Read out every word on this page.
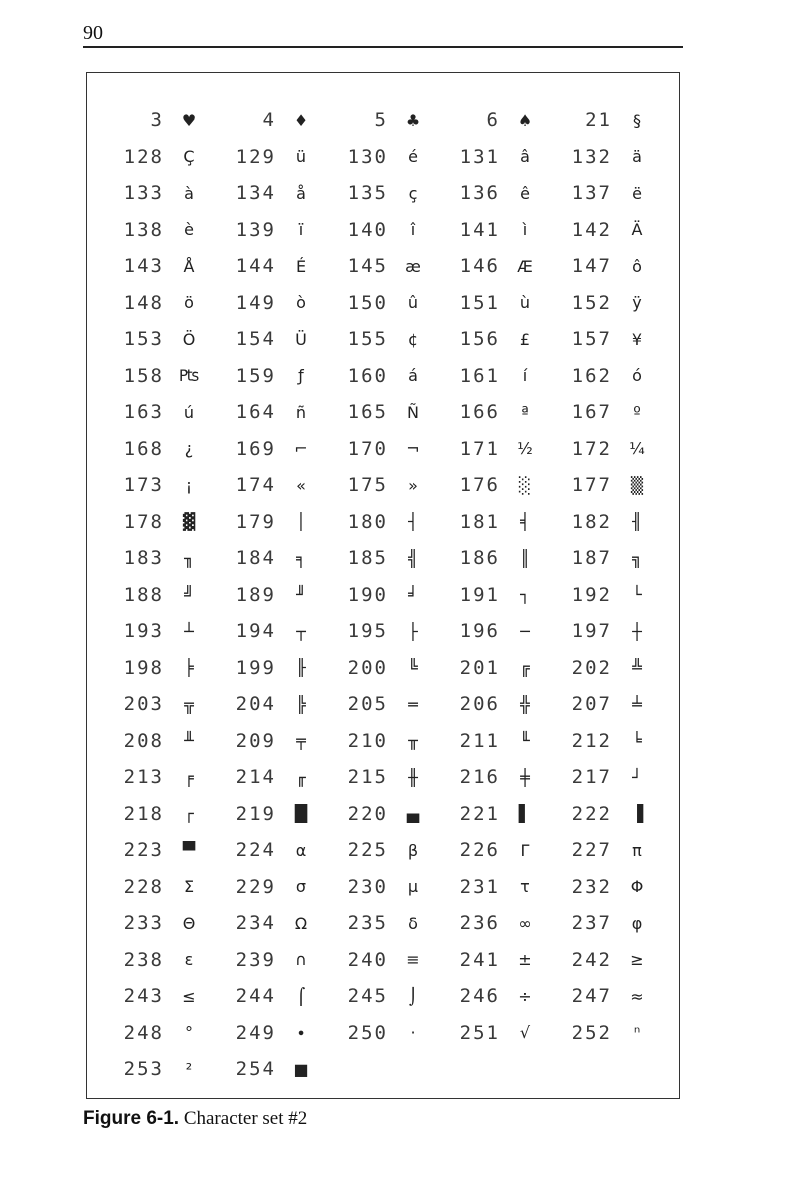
90
3	♥	4	♦	5	♣	6	♠	21	§
128	Ç	129	ü	130	é	131	â	132	ä
133	à	134	å	135	ç	136	ê	137	ë
138	è	139	ï	140	î	141	ì	142	Ä
143	Å	144	É	145	æ	146	Æ	147	ô
148	ö	149	ò	150	û	151	ù	152	ÿ
153	Ö	154	Ü	155	¢	156	£	157	¥
158 ₧	159	ƒ	160	á	161	í	162	ó
163	ú	164	ñ	165	Ñ	166	ª	167	º
168	¿	169	⌐	170	¬	171	½	172	¼
173	¡	174	«	175	»	176	░	177	▒
178	▓	179	│	180	┤	181	╡	182	╢
183	╖	184	╕	185	╣	186	║	187	╗
188	╝	189	╜	190	╛	191	┐	192	└
193	┴	194	┬	195	├	196	─	197	┼
198	╞	199	╟	200	╚	201	╔	202	╩
203	╦	204	╠	205	═	206	╬	207	╧
208	╨	209	╤	210	╥	211	╙	212	╘
213	╒	214	╓	215	╫	216	╪	217	┘
218	┌	219	█	220	▄	221	▌	222	▐
223	▀	224	α	225	β	226	Γ	227	π
228	Σ	229	σ	230	µ	231	τ	232	Φ
233	Θ	234	Ω	235	δ	236	∞	237	φ
238	ε	239	∩	240	≡	241	±	242	≥
243	≤	244	⌠	245	⌡	246	÷	247	≈
248	°	249	∙	250	·	251	√	252	ⁿ
253	²	254	■
Figure 6-1. Character set #2
